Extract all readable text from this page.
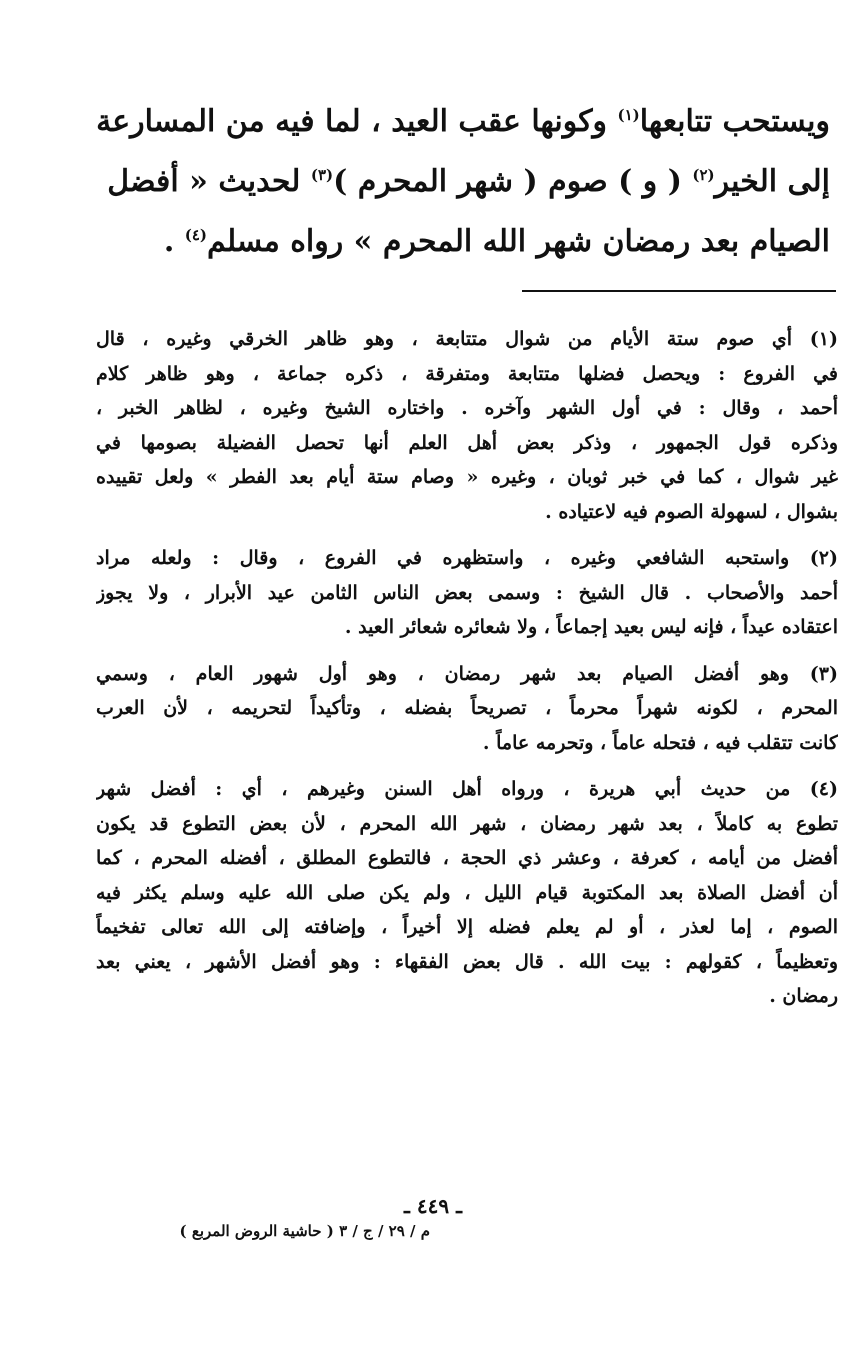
ويستحب تتابعها$^{(١)}$ وكونها عقب العيد ، لما فيه من المسارعة
إلى الخير$^{(٢)}$ ( و ) صوم ( شهر المحرم )$^{(٣)}$ لحديث « أفضل
الصيام بعد رمضان شهر الله المحرم » رواه مسلم$^{(٤)}$ .
(١) أي صوم ستة الأيام من شوال متتابعة ، وهو ظاهر الخرقي وغيره ، قال
في الفروع : ويحصل فضلها متتابعة ومتفرقة ، ذكره جماعة ، وهو ظاهر كلام
أحمد ، وقال : في أول الشهر وآخره . واختاره الشيخ وغيره ، لظاهر الخبر ،
وذكره قول الجمهور ، وذكر بعض أهل العلم أنها تحصل الفضيلة بصومها في
غير شوال ، كما في خبر ثوبان ، وغيره « وصام ستة أيام بعد الفطر » ولعل تقييده
بشوال ، لسهولة الصوم فيه لاعتياده .
(٢) واستحبه الشافعي وغيره ، واستظهره في الفروع ، وقال : ولعله مراد
أحمد والأصحاب . قال الشيخ : وسمى بعض الناس الثامن عيد الأبرار ، ولا يجوز
اعتقاده عيداً ، فإنه ليس بعيد إجماعاً ، ولا شعائره شعائر العيد .
(٣) وهو أفضل الصيام بعد شهر رمضان ، وهو أول شهور العام ، وسمي
المحرم ، لكونه شهراً محرماً ، تصريحاً بفضله ، وتأكيداً لتحريمه ، لأن العرب
كانت تتقلب فيه ، فتحله عاماً ، وتحرمه عاماً .
(٤) من حديث أبي هريرة ، ورواه أهل السنن وغيرهم ، أي : أفضل شهر
تطوع به كاملاً ، بعد شهر رمضان ، شهر الله المحرم ، لأن بعض التطوع قد يكون
أفضل من أيامه ، كعرفة ، وعشر ذي الحجة ، فالتطوع المطلق ، أفضله المحرم ، كما
أن أفضل الصلاة بعد المكتوبة قيام الليل ، ولم يكن صلى الله عليه وسلم يكثر فيه
الصوم ، إما لعذر ، أو لم يعلم فضله إلا أخيراً ، وإضافته إلى الله تعالى تفخيماً
وتعظيماً ، كقولهم : بيت الله . قال بعض الفقهاء : وهو أفضل الأشهر ، يعني بعد
رمضان .
ـ ٤٤٩ ـ
م / ٢٩ / ج / ٣ ( حاشية الروض المربع )
